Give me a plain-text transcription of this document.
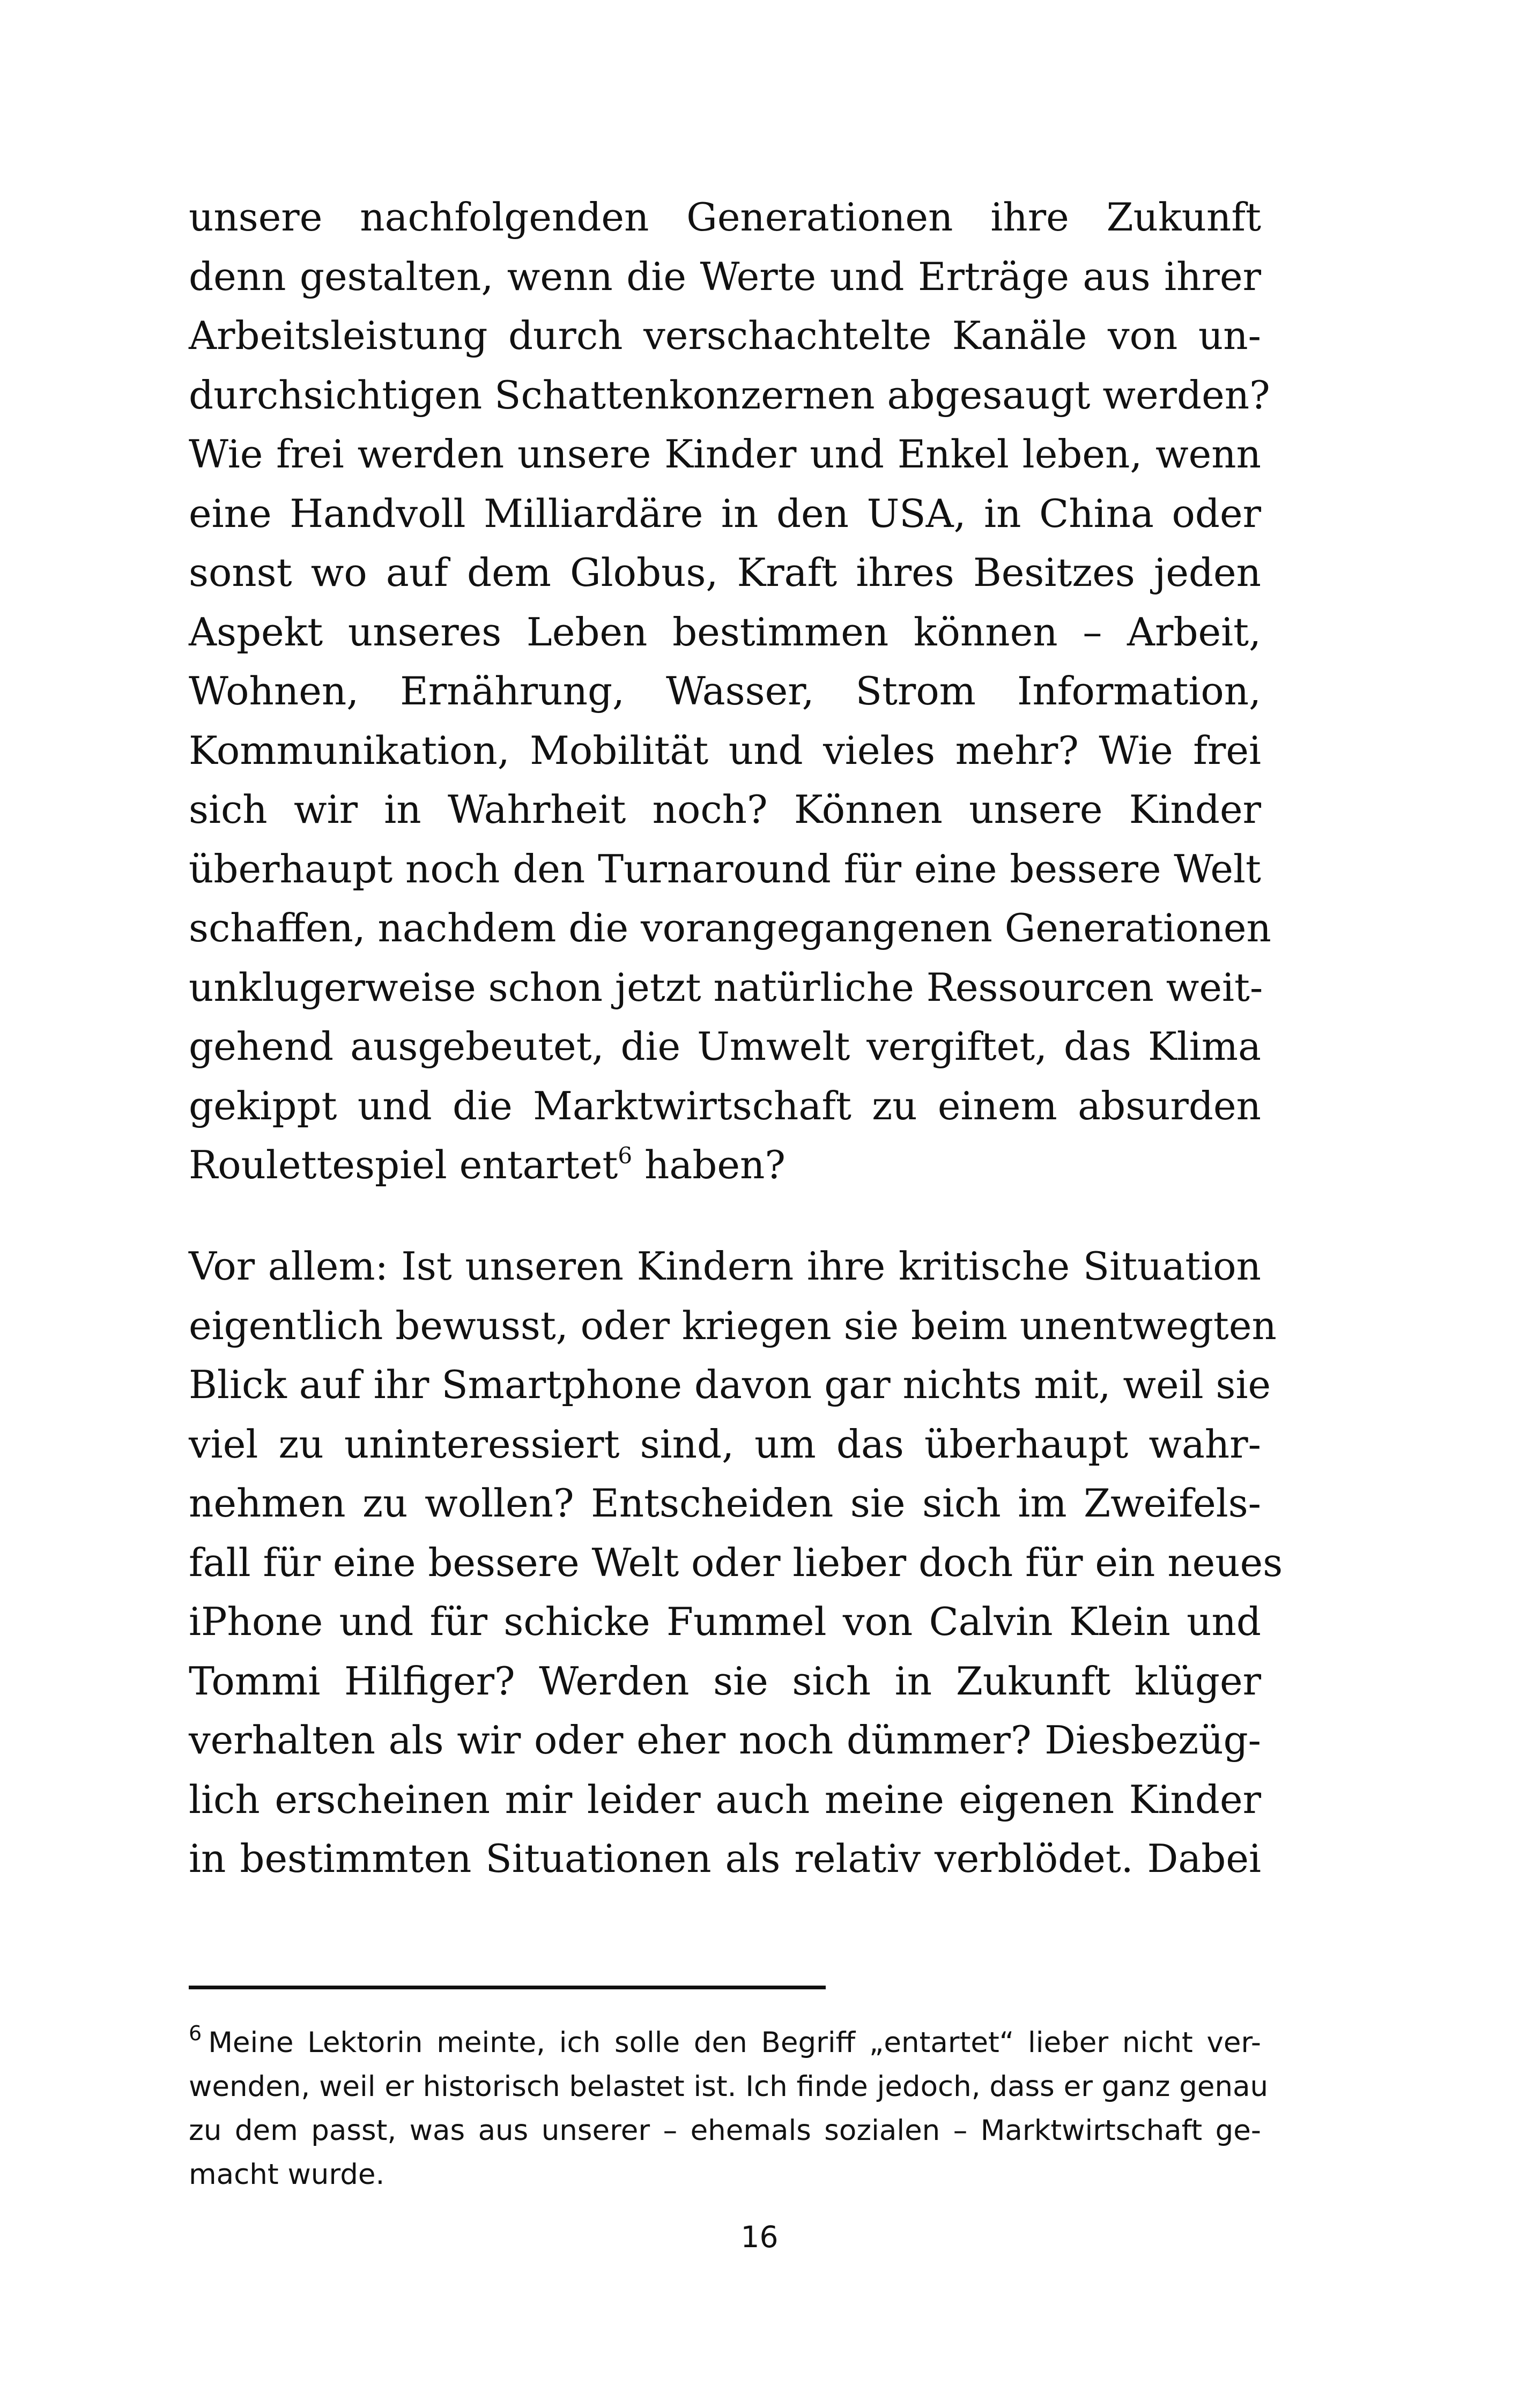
unsere nachfolgenden Generationen ihre Zukunft
denn gestalten, wenn die Werte und Erträge aus ihrer
Arbeitsleistung durch verschachtelte Kanäle von un-
durchsichtigen Schattenkonzernen abgesaugt werden?
Wie frei werden unsere Kinder und Enkel leben, wenn
eine Handvoll Milliardäre in den USA, in China oder
sonst wo auf dem Globus, Kraft ihres Besitzes jeden
Aspekt unseres Leben bestimmen können – Arbeit,
Wohnen, Ernährung, Wasser, Strom Information,
Kommunikation, Mobilität und vieles mehr? Wie frei
sich wir in Wahrheit noch? Können unsere Kinder
überhaupt noch den Turnaround für eine bessere Welt
schaffen, nachdem die vorangegangenen Generationen
unklugerweise schon jetzt natürliche Ressourcen weit-
gehend ausgebeutet, die Umwelt vergiftet, das Klima
gekippt und die Marktwirtschaft zu einem absurden
Roulettespiel entartet$^6$ haben?

Vor allem: Ist unseren Kindern ihre kritische Situation
eigentlich bewusst, oder kriegen sie beim unentwegten
Blick auf ihr Smartphone davon gar nichts mit, weil sie
viel zu uninteressiert sind, um das überhaupt wahr-
nehmen zu wollen? Entscheiden sie sich im Zweifels-
fall für eine bessere Welt oder lieber doch für ein neues
iPhone und für schicke Fummel von Calvin Klein und
Tommi Hilfiger? Werden sie sich in Zukunft klüger
verhalten als wir oder eher noch dümmer? Diesbezüg-
lich erscheinen mir leider auch meine eigenen Kinder
in bestimmten Situationen als relativ verblödet. Dabei

$^6$ Meine Lektorin meinte, ich solle den Begriff „entartet“ lieber nicht ver-
wenden, weil er historisch belastet ist. Ich finde jedoch, dass er ganz genau
zu dem passt, was aus unserer – ehemals sozialen – Marktwirtschaft ge-
macht wurde.

16
